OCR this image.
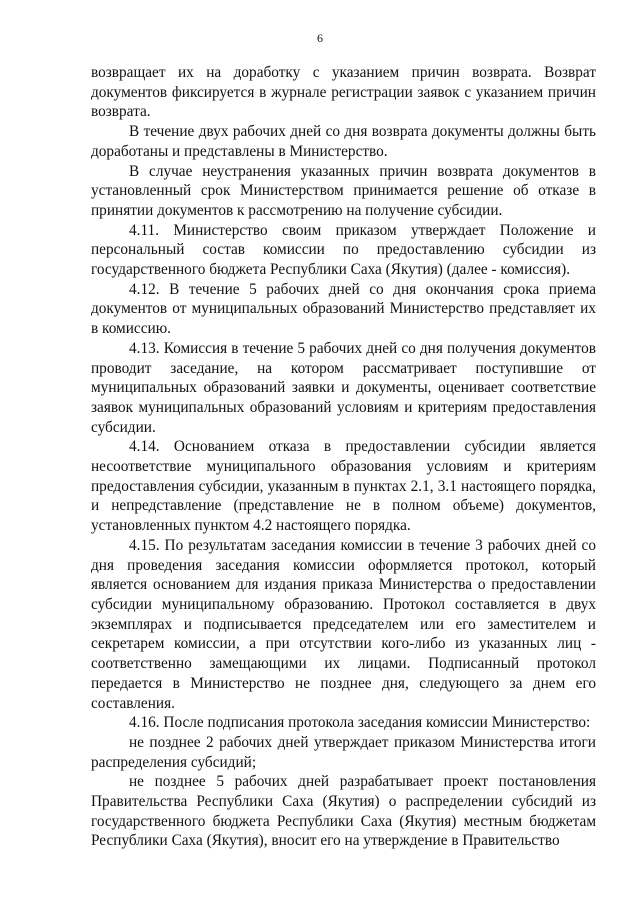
6

возвращает их на доработку с указанием причин возврата. Возврат документов фиксируется в журнале регистрации заявок с указанием причин возврата.

В течение двух рабочих дней со дня возврата документы должны быть доработаны и представлены в Министерство.

В случае неустранения указанных причин возврата документов в установленный срок Министерством принимается решение об отказе в принятии документов к рассмотрению на получение субсидии.

4.11. Министерство своим приказом утверждает Положение и персональный состав комиссии по предоставлению субсидии из государственного бюджета Республики Саха (Якутия) (далее - комиссия).

4.12. В течение 5 рабочих дней со дня окончания срока приема документов от муниципальных образований Министерство представляет их в комиссию.

4.13. Комиссия в течение 5 рабочих дней со дня получения документов проводит заседание, на котором рассматривает поступившие от муниципальных образований заявки и документы, оценивает соответствие заявок муниципальных образований условиям и критериям предоставления субсидии.

4.14. Основанием отказа в предоставлении субсидии является несоответствие муниципального образования условиям и критериям предоставления субсидии, указанным в пунктах 2.1, 3.1 настоящего порядка, и непредставление (представление не в полном объеме) документов, установленных пунктом 4.2 настоящего порядка.

4.15. По результатам заседания комиссии в течение 3 рабочих дней со дня проведения заседания комиссии оформляется протокол, который является основанием для издания приказа Министерства о предоставлении субсидии муниципальному образованию. Протокол составляется в двух экземплярах и подписывается председателем или его заместителем и секретарем комиссии, а при отсутствии кого-либо из указанных лиц - соответственно замещающими их лицами. Подписанный протокол передается в Министерство не позднее дня, следующего за днем его составления.

4.16. После подписания протокола заседания комиссии Министерство:

не позднее 2 рабочих дней утверждает приказом Министерства итоги распределения субсидий;

не позднее 5 рабочих дней разрабатывает проект постановления Правительства Республики Саха (Якутия) о распределении субсидий из государственного бюджета Республики Саха (Якутия) местным бюджетам Республики Саха (Якутия), вносит его на утверждение в Правительство
